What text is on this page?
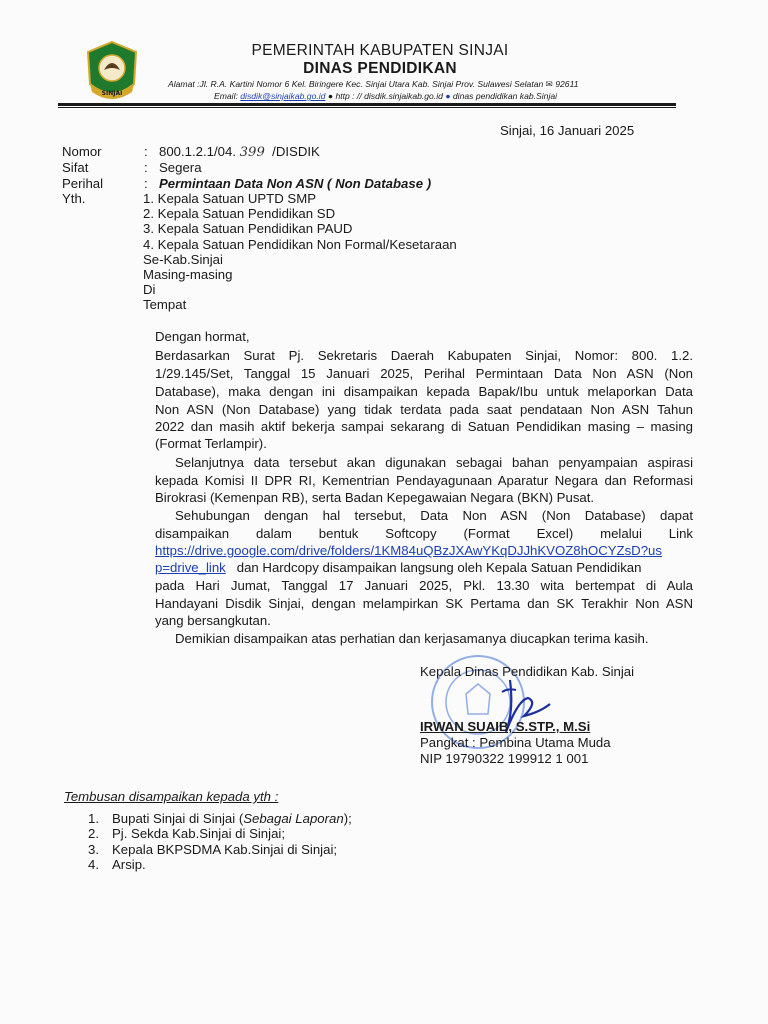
SINJAI
PEMERINTAH KABUPATEN SINJAI
DINAS PENDIDIKAN
Alamat :Jl. R.A. Kartini Nomor 6 Kel. Biringere Kec. Sinjai Utara Kab. Sinjai Prov. Sulawesi Selatan ✉ 92611
Email: disdik@sinjaikab.go.id ● http : // disdik.sinjaikab.go.id ● dinas pendidikan kab.Sinjai
Sinjai, 16 Januari 2025
Nomor	: 800.1.2.1/04. 399 /DISDIK
Sifat	: Segera
Perihal	: Permintaan Data Non ASN ( Non Database )
Yth.	1. Kepala Satuan UPTD SMP
2. Kepala Satuan Pendidikan SD
3. Kepala Satuan Pendidikan PAUD
4. Kepala Satuan Pendidikan Non Formal/Kesetaraan
Se-Kab.Sinjai
Masing-masing
Di
Tempat
Dengan hormat,
Berdasarkan Surat Pj. Sekretaris Daerah Kabupaten Sinjai, Nomor: 800. 1.2.
1/29.145/Set, Tanggal 15 Januari 2025, Perihal Permintaan Data Non ASN (Non
Database), maka dengan ini disampaikan kepada Bapak/Ibu untuk melaporkan Data
Non ASN (Non Database) yang tidak terdata pada saat pendataan Non ASN Tahun
2022 dan masih aktif bekerja sampai sekarang di Satuan Pendidikan masing – masing
(Format Terlampir).
Selanjutnya data tersebut akan digunakan sebagai bahan penyampaian aspirasi
kepada Komisi II DPR RI, Kementrian Pendayagunaan Aparatur Negara dan Reformasi
Birokrasi (Kemenpan RB), serta Badan Kepegawaian Negara (BKN) Pusat.
Sehubungan dengan hal tersebut, Data Non ASN (Non Database) dapat
disampaikan dalam bentuk Softcopy (Format Excel) melalui Link
https://drive.google.com/drive/folders/1KM84uQBzJXAwYKqDJJhKVOZ8hOCYZsD?us
p=drive_link dan Hardcopy disampaikan langsung oleh Kepala Satuan Pendidikan
pada Hari Jumat, Tanggal 17 Januari 2025, Pkl. 13.30 wita bertempat di Aula
Handayani Disdik Sinjai, dengan melampirkan SK Pertama dan SK Terakhir Non ASN
yang bersangkutan.
Demikian disampaikan atas perhatian dan kerjasamanya diucapkan terima kasih.
Kepala Dinas Pendidikan Kab. Sinjai
IRWAN SUAIB, S.STP., M.Si
Pangkat : Pembina Utama Muda
NIP 19790322 199912 1 001
Tembusan disampaikan kepada yth :
1. Bupati Sinjai di Sinjai (Sebagai Laporan);
2. Pj. Sekda Kab.Sinjai di Sinjai;
3. Kepala BKPSDMA Kab.Sinjai di Sinjai;
4. Arsip.
